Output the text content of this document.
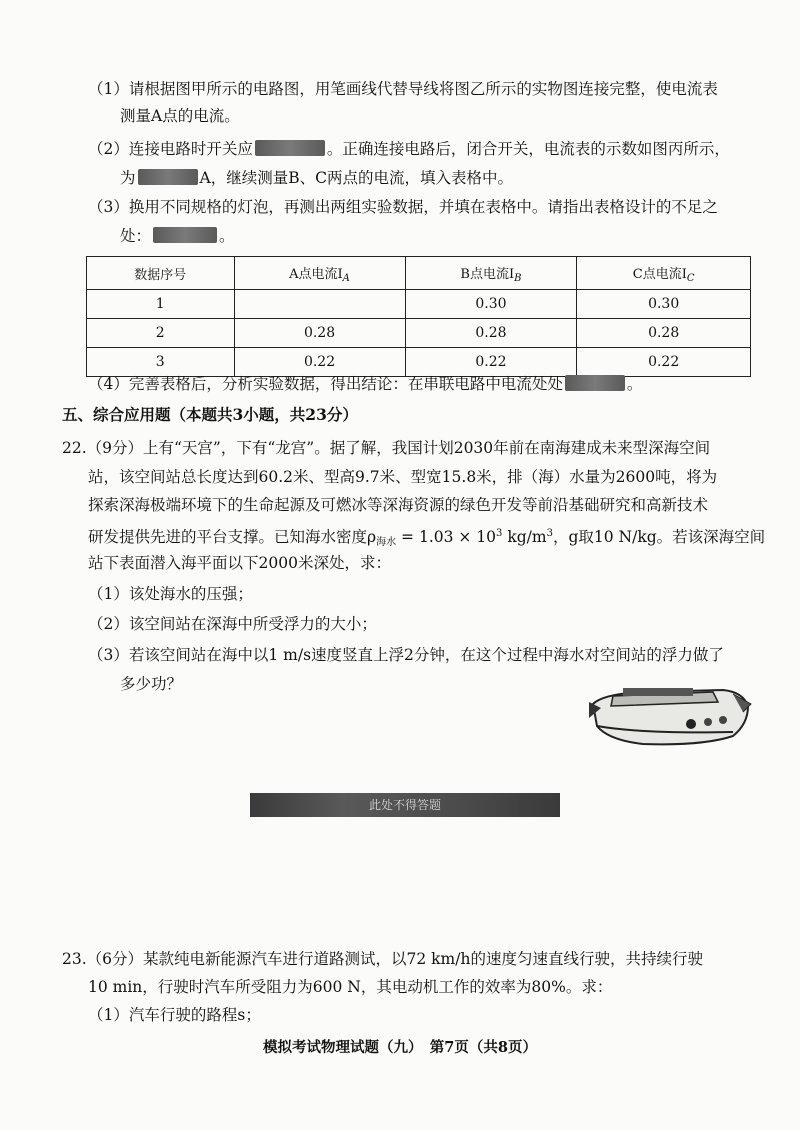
（1）请根据图甲所示的电路图，用笔画线代替导线将图乙所示的实物图连接完整，使电流表
测量A点的电流。
（2）连接电路时开关应	。正确连接电路后，闭合开关，电流表的示数如图丙所示，
为	A，继续测量B、C两点的电流，填入表格中。
（3）换用不同规格的灯泡，再测出两组实验数据，并填在表格中。请指出表格设计的不足之
处：	。
数据序号	A点电流$I_A$	B点电流$I_B$	C点电流$I_C$
1		0.30	0.30
2	0.28	0.28	0.28
3	0.22	0.22	0.22
（4）完善表格后，分析实验数据，得出结论：在串联电路中电流处处	。
五、综合应用题（本题共3小题，共23分）
22.（9分）上有“天宫”，下有“龙宫”。据了解，我国计划2030年前在南海建成未来型深海空间
站，该空间站总长度达到60.2米、型高9.7米、型宽15.8米，排（海）水量为2600吨，将为
探索深海极端环境下的生命起源及可燃冰等深海资源的绿色开发等前沿基础研究和高新技术
研发提供先进的平台支撑。已知海水密度$\rho_{海水} = 1.03 \times 10^3$ $kg/m^3$，g取10 N/kg。若该深海空间
站下表面潜入海平面以下2000米深处，求：
（1）该处海水的压强；
（2）该空间站在深海中所受浮力的大小；
（3）若该空间站在海中以1 m/s速度竖直上浮2分钟，在这个过程中海水对空间站的浮力做了
多少功？
此处不得答题
23.（6分）某款纯电新能源汽车进行道路测试，以72 km/h的速度匀速直线行驶，共持续行驶
10 min，行驶时汽车所受阻力为600 N，其电动机工作的效率为80%。求：
（1）汽车行驶的路程s；
模拟考试物理试题（九）　第7页（共8页）
